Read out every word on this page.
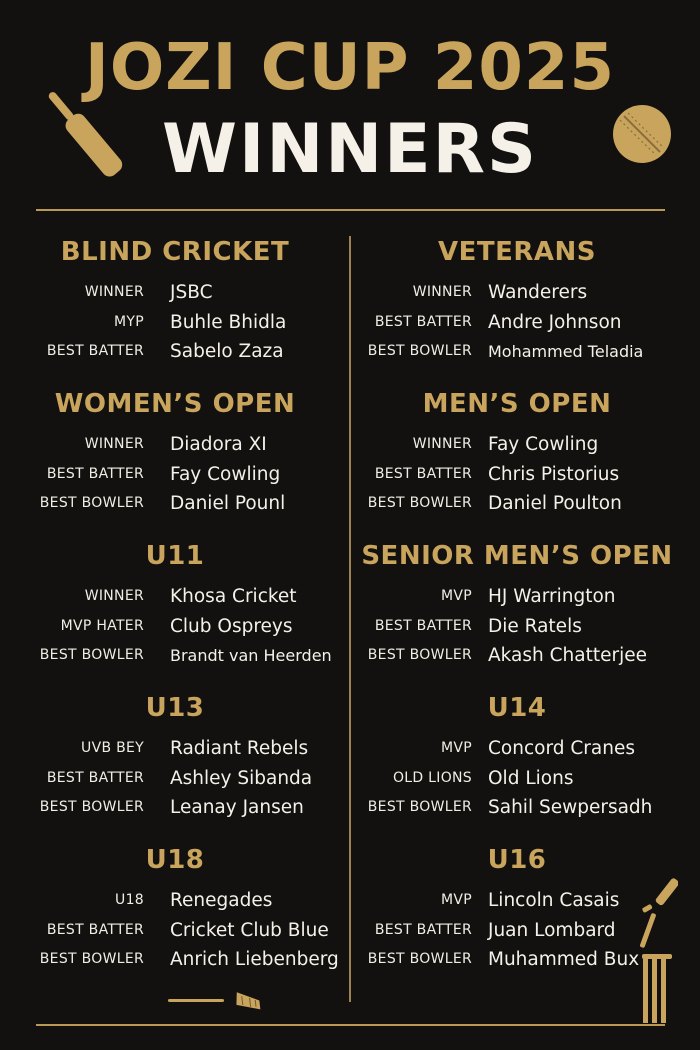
JOZI CUP 2025
WINNERS
BLIND CRICKET
WINNER JSBC
MYP Buhle Bhidla
BEST BATTER Sabelo Zaza
WOMEN’S OPEN
WINNER Diadora XI
BEST BATTER Fay Cowling
BEST BOWLER Daniel Pounl
U11
WINNER Khosa Cricket
MVP HATER Club Ospreys
BEST BOWLER Brandt van Heerden
U13
UVB BEY Radiant Rebels
BEST BATTER Ashley Sibanda
BEST BOWLER Leanay Jansen
U18
U18 Renegades
BEST BATTER Cricket Club Blue
BEST BOWLER Anrich Liebenberg
VETERANS
WINNER Wanderers
BEST BATTER Andre Johnson
BEST BOWLER Mohammed Teladia
MEN’S OPEN
WINNER Fay Cowling
BEST BATTER Chris Pistorius
BEST BOWLER Daniel Poulton
SENIOR MEN’S OPEN
MVP HJ Warrington
BEST BATTER Die Ratels
BEST BOWLER Akash Chatterjee
U14
MVP Concord Cranes
OLD LIONS Old Lions
BEST BOWLER Sahil Sewpersadh
U16
MVP Lincoln Casais
BEST BATTER Juan Lombard
BEST BOWLER Muhammed Bux
